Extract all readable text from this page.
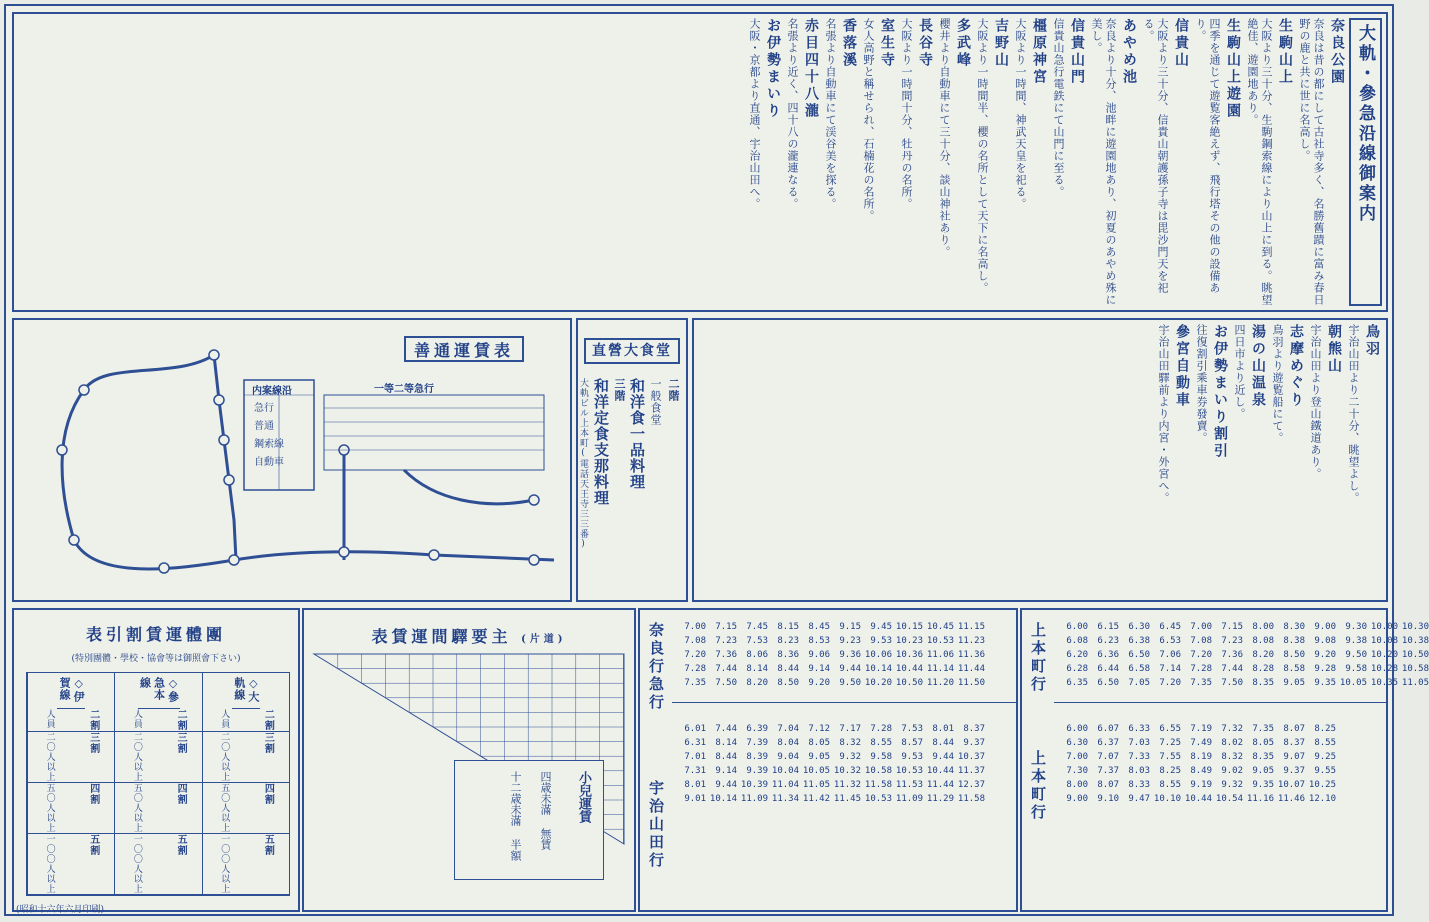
大軌・參急沿線御案内
奈良公園
奈良は昔の都にして古社寺多く、名勝舊蹟に富み春日野の鹿と共に世に名高し。
生駒山上
大阪より三十分、生駒鋼索線により山上に到る。眺望絶佳、遊園地あり。
生駒山上遊園
四季を通じて遊覧客絶えず、飛行塔その他の設備あり。
信貴山
大阪より三十分、信貴山朝護孫子寺は毘沙門天を祀る。
あやめ池
奈良より十分、池畔に遊園地あり、初夏のあやめ殊に美し。
信貴山門
信貴山急行電鉄にて山門に至る。
橿原神宮
大阪より一時間、神武天皇を祀る。
吉野山
大阪より一時間半、櫻の名所として天下に名高し。
多武峰
櫻井より自動車にて三十分、談山神社あり。
長谷寺
大阪より一時間十分、牡丹の名所。
室生寺
女人高野と稱せられ、石楠花の名所。
香落溪
名張より自動車にて渓谷美を探る。
赤目四十八瀧
名張より近く、四十八の瀧連なる。
お伊勢まいり
大阪・京都より直通、宇治山田へ。
善通運賃表
内案線沿	一等二等急行
急行
普通
鋼索線
自動車
直營大食堂
二階
一般食堂
和洋食一品料理
三階
和洋定食支那料理
大軌ビル上本町(電話天王寺三三番)
鳥羽
宇治山田より二十分、眺望よし。
朝熊山
宇治山田より登山鐵道あり。
志摩めぐり
鳥羽より遊覧船にて。
湯の山温泉
四日市より近し。
お伊勢まいり割引
往復割引乘車券發賣。
參宮自動車
宇治山田驛前より内宮・外宮へ。
表引割賃運體團
(特別團體・學校・協會等は御照會下さい)
◇大軌線
人員	二割
二〇人以上	三割
五〇人以上	四割
一〇〇人以上	五割
◇參急本線
人員	二割
二〇人以上	三割
五〇人以上	四割
一〇〇人以上	五割
◇伊賀線
人員	二割
二〇人以上	三割
五〇人以上	四割
一〇〇人以上	五割
表賃運間驛要主 (片道)
小兒運賃
四歳未滿 無賃
十二歳未滿 半額
奈良行急行
宇治山田行
7.00	7.15	7.45	8.15	8.45	9.15	9.45 10.15 10.45 11.15
7.08	7.23	7.53	8.23	8.53	9.23	9.53 10.23 10.53 11.23
7.20	7.36	8.06	8.36	9.06	9.36 10.06 10.36 11.06 11.36
7.28	7.44	8.14	8.44	9.14	9.44 10.14 10.44 11.14 11.44
7.35	7.50	8.20	8.50	9.20	9.50 10.20 10.50 11.20 11.50
6.01	7.44	6.39	7.04	7.12	7.17	7.28	7.53	8.01	8.37
6.31	8.14	7.39	8.04	8.05	8.32	8.55	8.57	8.44	9.37
7.01	8.44	8.39	9.04	9.05	9.32	9.58	9.53	9.44 10.37
7.31	9.14	9.39 10.04 10.05 10.32 10.58 10.53 10.44 11.37
8.01	9.44 10.39 11.04 11.05 11.32 11.58 11.53 11.44 12.37
9.01 10.14 11.09 11.34 11.42 11.45 10.53 11.09 11.29 11.58
上本町行
上本町行
6.00	6.15	6.30	6.45	7.00	7.15	8.00	8.30	9.00	9.30 10.00 10.30
6.08	6.23	6.38	6.53	7.08	7.23	8.08	8.38	9.08	9.38 10.08 10.38
6.20	6.36	6.50	7.06	7.20	7.36	8.20	8.50	9.20	9.50 10.20 10.50
6.28	6.44	6.58	7.14	7.28	7.44	8.28	8.58	9.28	9.58 10.28 10.58
6.35	6.50	7.05	7.20	7.35	7.50	8.35	9.05	9.35 10.05 10.35 11.05
6.00	6.07	6.33	6.55	7.19	7.32	7.35	8.07	8.25
6.30	6.37	7.03	7.25	7.49	8.02	8.05	8.37	8.55
7.00	7.07	7.33	7.55	8.19	8.32	8.35	9.07	9.25
7.30	7.37	8.03	8.25	8.49	9.02	9.05	9.37	9.55
8.00	8.07	8.33	8.55	9.19	9.32	9.35 10.07 10.25
9.00	9.10	9.47 10.10 10.44 10.54 11.16 11.46 12.10
(昭和十六年六月印刷)
